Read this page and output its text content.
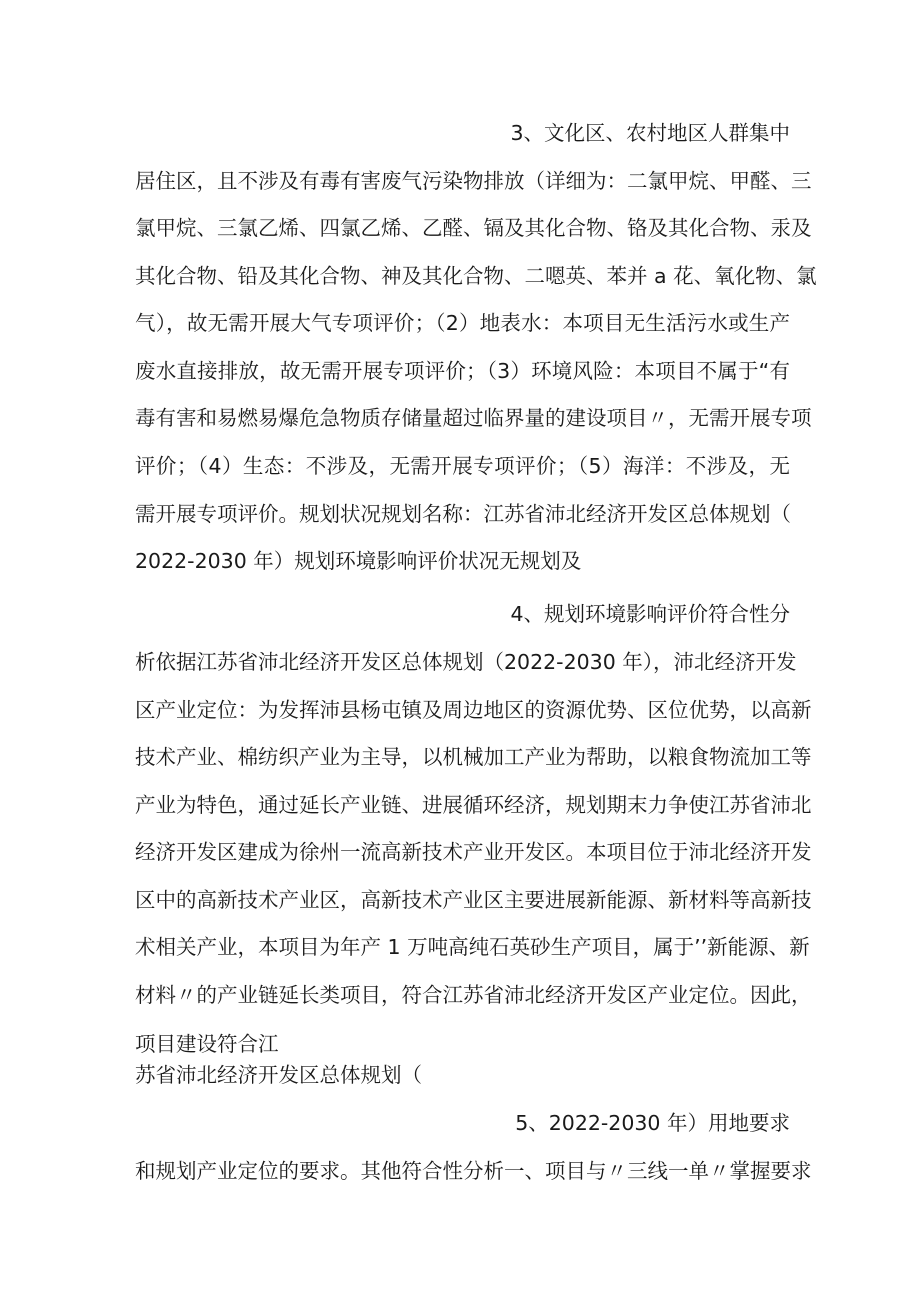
3、文化区、农村地区人群集中
居住区，且不涉及有毒有害废气污染物排放（详细为：二氯甲烷、甲醛、三
氯甲烷、三氯乙烯、四氯乙烯、乙醛、镉及其化合物、铬及其化合物、汞及
其化合物、铅及其化合物、神及其化合物、二嗯英、苯并 a 花、氧化物、氯
气），故无需开展大气专项评价；（2）地表水：本项目无生活污水或生产
废水直接排放，故无需开展专项评价；（3）环境风险：本项目不属于“有
毒有害和易燃易爆危急物质存储量超过临界量的建设项目〃，无需开展专项
评价；（4）生态：不涉及，无需开展专项评价；（5）海洋：不涉及，无
需开展专项评价。规划状况规划名称：江苏省沛北经济开发区总体规划（
2022-2030 年）规划环境影响评价状况无规划及
4、规划环境影响评价符合性分
析依据江苏省沛北经济开发区总体规划（2022-2030 年），沛北经济开发
区产业定位：为发挥沛县杨屯镇及周边地区的资源优势、区位优势，以高新
技术产业、棉纺织产业为主导，以机械加工产业为帮助，以粮食物流加工等
产业为特色，通过延长产业链、进展循环经济，规划期末力争使江苏省沛北
经济开发区建成为徐州一流高新技术产业开发区。本项目位于沛北经济开发
区中的高新技术产业区，高新技术产业区主要进展新能源、新材料等高新技
术相关产业，本项目为年产 1 万吨高纯石英砂生产项目，属于’’新能源、新
材料〃的产业链延长类项目，符合江苏省沛北经济开发区产业定位。因此，
项目建设符合江
苏省沛北经济开发区总体规划（
5、2022-2030 年）用地要求
和规划产业定位的要求。其他符合性分析一、项目与〃三线一单〃掌握要求
